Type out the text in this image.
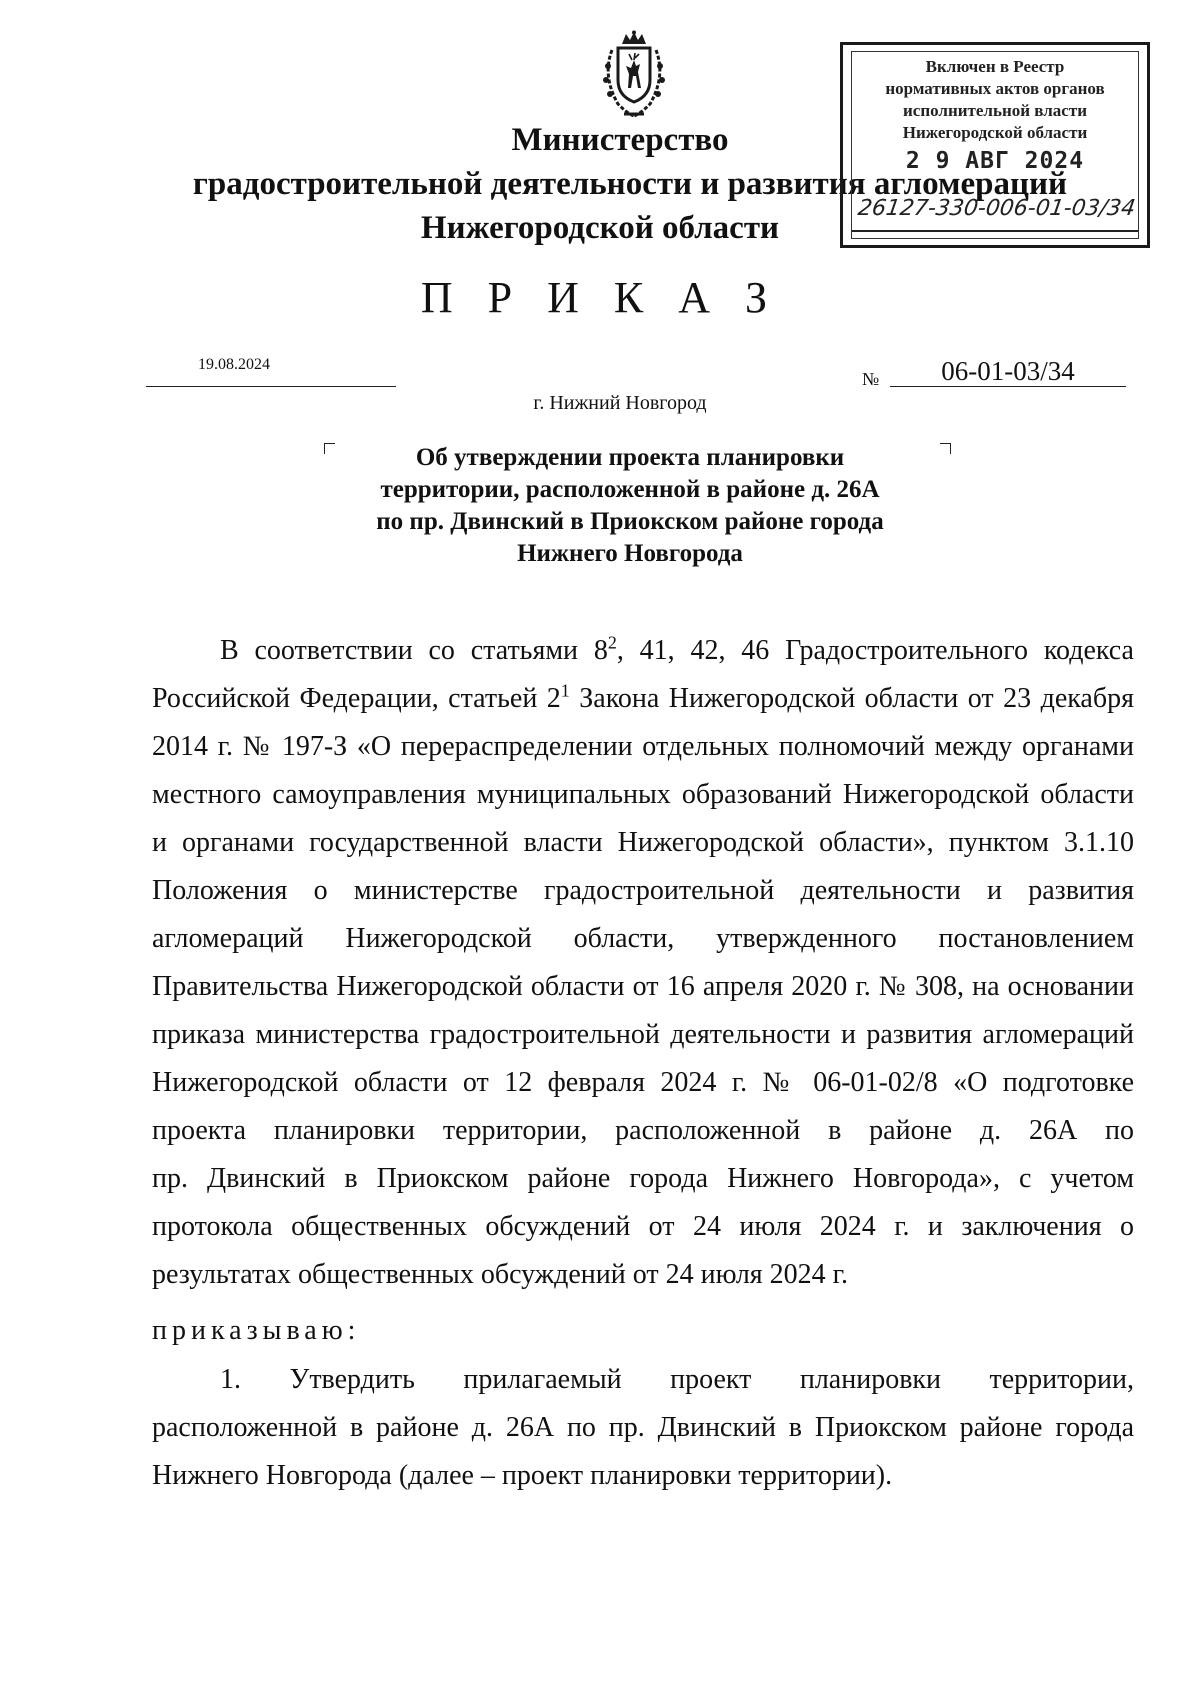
Министерство
градостроительной деятельности и развития агломераций
Нижегородской области
Включен в Реестр
нормативных актов органов
исполнительной власти
Нижегородской области
2 9 АВГ 2024
26127-330-006-01-03/34
П Р И К А З
19.08.2024
№	06-01-03/34
г. Нижний Новгород
Об утверждении проекта планировки
территории, расположенной в районе д. 26А
по пр. Двинский в Приокском районе города
Нижнего Новгорода
В соответствии со статьями $8^2$, 41, 42, 46 Градостроительного кодекса
Российской Федерации, статьей $2^1$ Закона Нижегородской области от 23 декабря
2014 г. № 197-З «О перераспределении отдельных полномочий между органами
местного самоуправления муниципальных образований Нижегородской области
и органами государственной власти Нижегородской области», пунктом 3.1.10
Положения о министерстве градостроительной деятельности и развития
агломераций Нижегородской области, утвержденного постановлением
Правительства Нижегородской области от 16 апреля 2020 г. № 308, на основании
приказа министерства градостроительной деятельности и развития агломераций
Нижегородской области от 12 февраля 2024 г. № 06-01-02/8 «О подготовке
проекта планировки территории, расположенной в районе д. 26А по
пр. Двинский в Приокском районе города Нижнего Новгорода», с учетом
протокола общественных обсуждений от 24 июля 2024 г. и заключения о
результатах общественных обсуждений от 24 июля 2024 г.
приказываю:
1. Утвердить прилагаемый проект планировки территории,
расположенной в районе д. 26А по пр. Двинский в Приокском районе города
Нижнего Новгорода (далее – проект планировки территории).
